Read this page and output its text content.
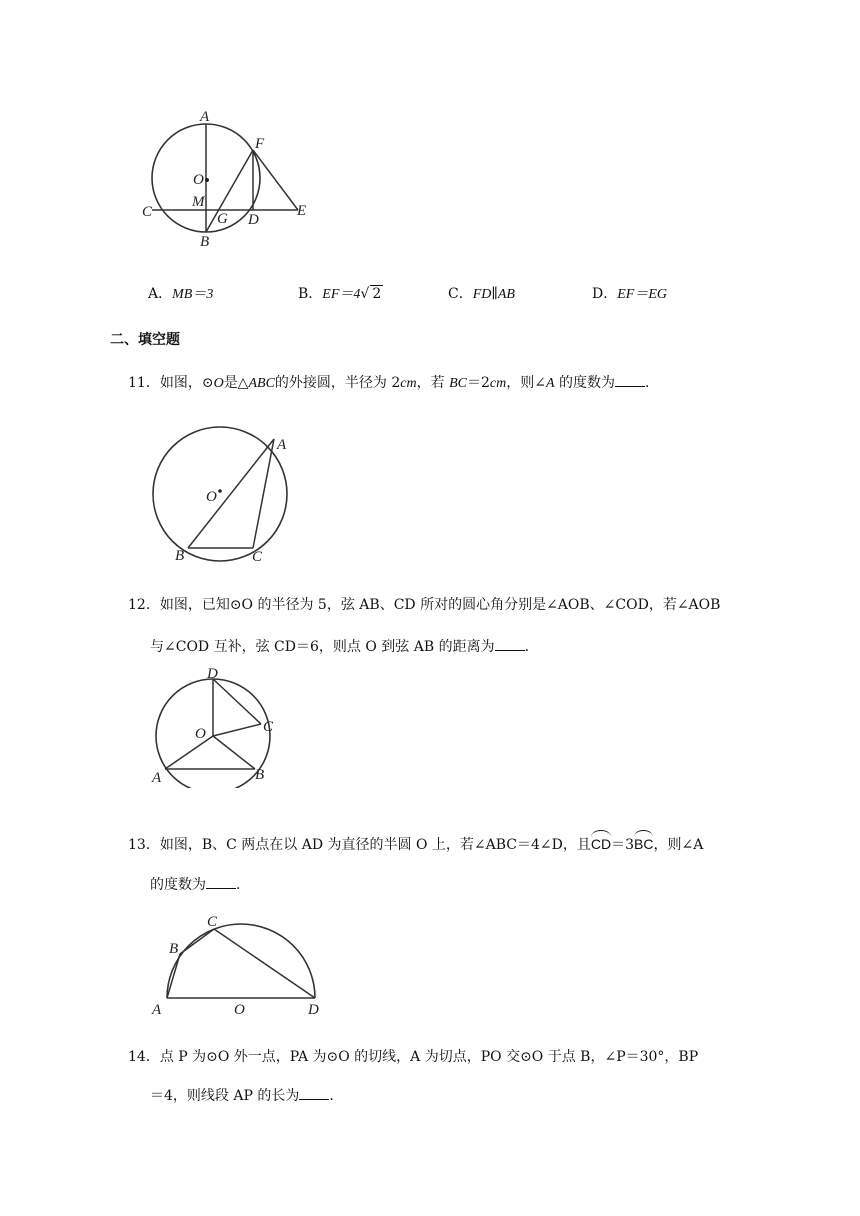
A
O
F
C
M
G D
E
B
A．MB＝3	B．EF＝4√ 2	C．FD∥AB	D．EF＝EG
二、填空题
11．如图，⊙O是△ABC的外接圆，半径为 2cm，若 BC＝2cm，则∠A 的度数为 .
A
O
B	C
12．如图，已知⊙O 的半径为 5，弦 AB、CD 所对的圆心角分别是∠AOB、∠COD，若∠AOB
与∠COD 互补，弦 CD＝6，则点 O 到弦 AB 的距离为 .
D
O	C
A	B
13．如图，B、C 两点在以 AD 为直径的半圆 O 上，若∠ABC＝4∠D，且CD＝3BC，则∠A
的度数为 .
C
B
A	O	D
14．点 P 为⊙O 外一点，PA 为⊙O 的切线，A 为切点，PO 交⊙O 于点 B，∠P＝30°，BP
＝4，则线段 AP 的长为 .
